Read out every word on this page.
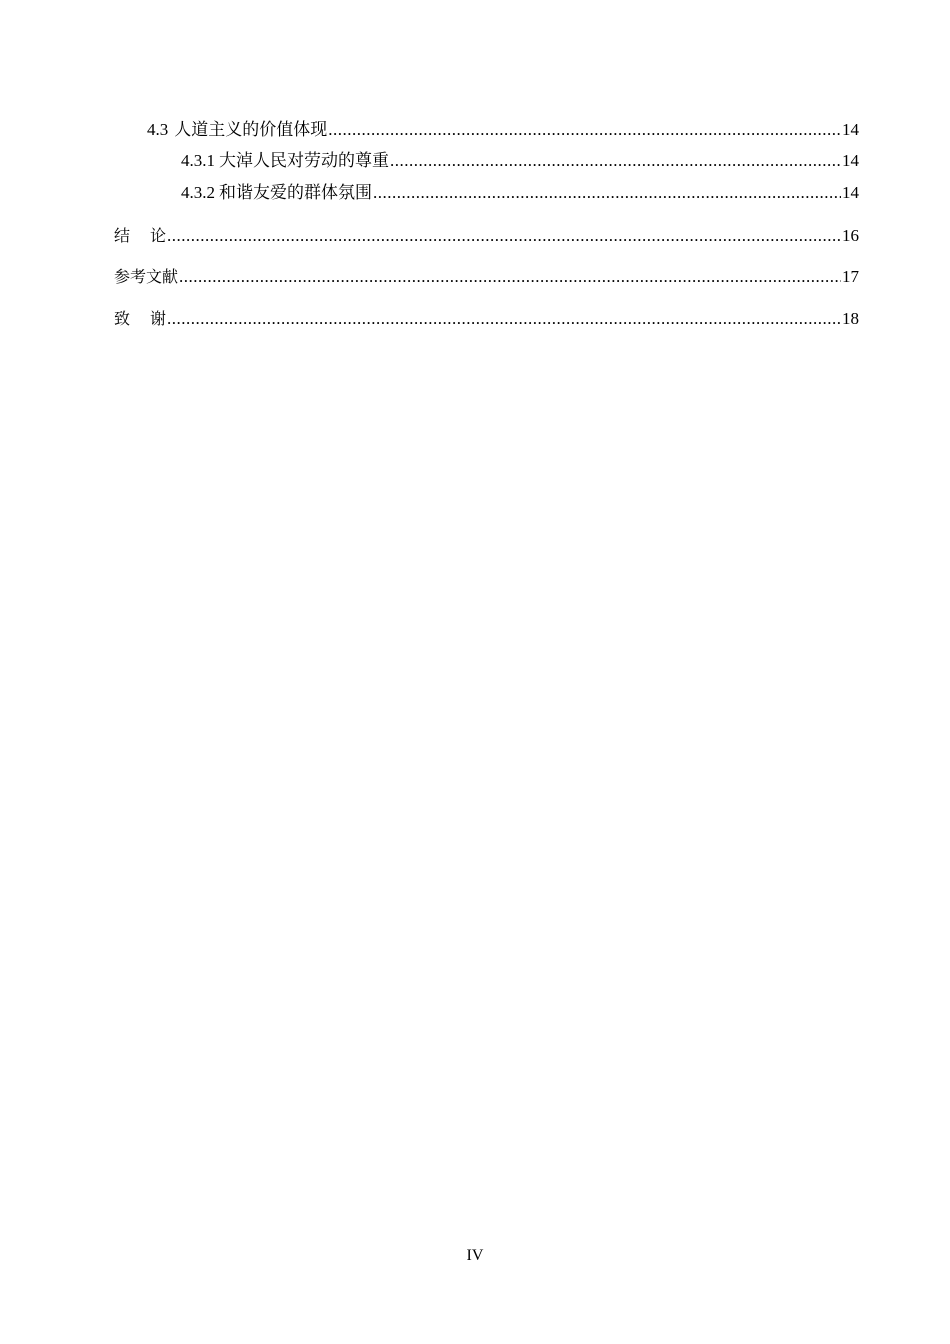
4.3 人道主义的价值体现 .....	14
4.3.1 大淖人民对劳动的尊重 .....	14
4.3.2 和谐友爱的群体氛围 .....	14
结论 .....	16
参考文献 .....	17
致谢 .....	18
IV
